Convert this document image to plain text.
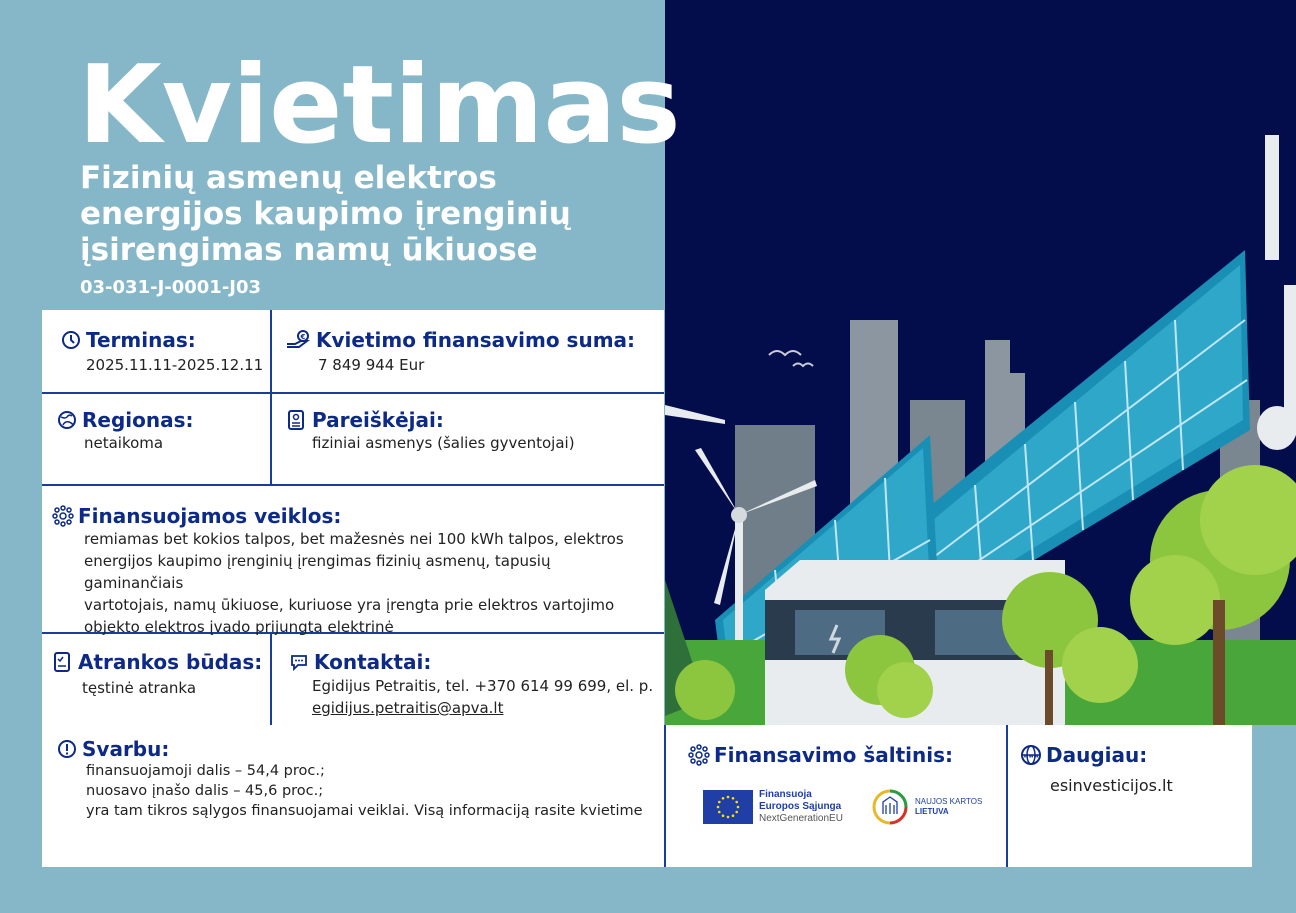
Kvietimas
Fizinių asmenų elektros energijos kaupimo įrenginių įsirengimas namų ūkiuose
03-031-J-0001-J03
Terminas:
2025.11.11-2025.12.11
€ Kvietimo finansavimo suma:
7 849 944 Eur
Regionas:
netaikoma
Pareiškėjai:
fiziniai asmenys (šalies gyventojai)
Finansuojamos veiklos:
remiamas bet kokios talpos, bet mažesnės nei 100 kWh talpos, elektros
energijos kaupimo įrenginių įrengimas fizinių asmenų, tapusių gaminančiais
vartotojais, namų ūkiuose, kuriuose yra įrengta prie elektros vartojimo
objekto elektros įvado prijungta elektrinė
Atrankos būdas:
tęstinė atranka
Kontaktai:
Egidijus Petraitis, tel. +370 614 99 699, el. p.
egidijus.petraitis@apva.lt
Svarbu:
finansuojamoji dalis – 54,4 proc.;
nuosavo įnašo dalis – 45,6 proc.;
yra tam tikros sąlygos finansuojamai veiklai. Visą informaciją rasite kvietime
Finansavimo šaltinis:	www Daugiau:
esinvesticijos.lt
Finansuoja
Europos Sąjunga
NextGenerationEU
NAUJOS KARTOS
LIETUVA
